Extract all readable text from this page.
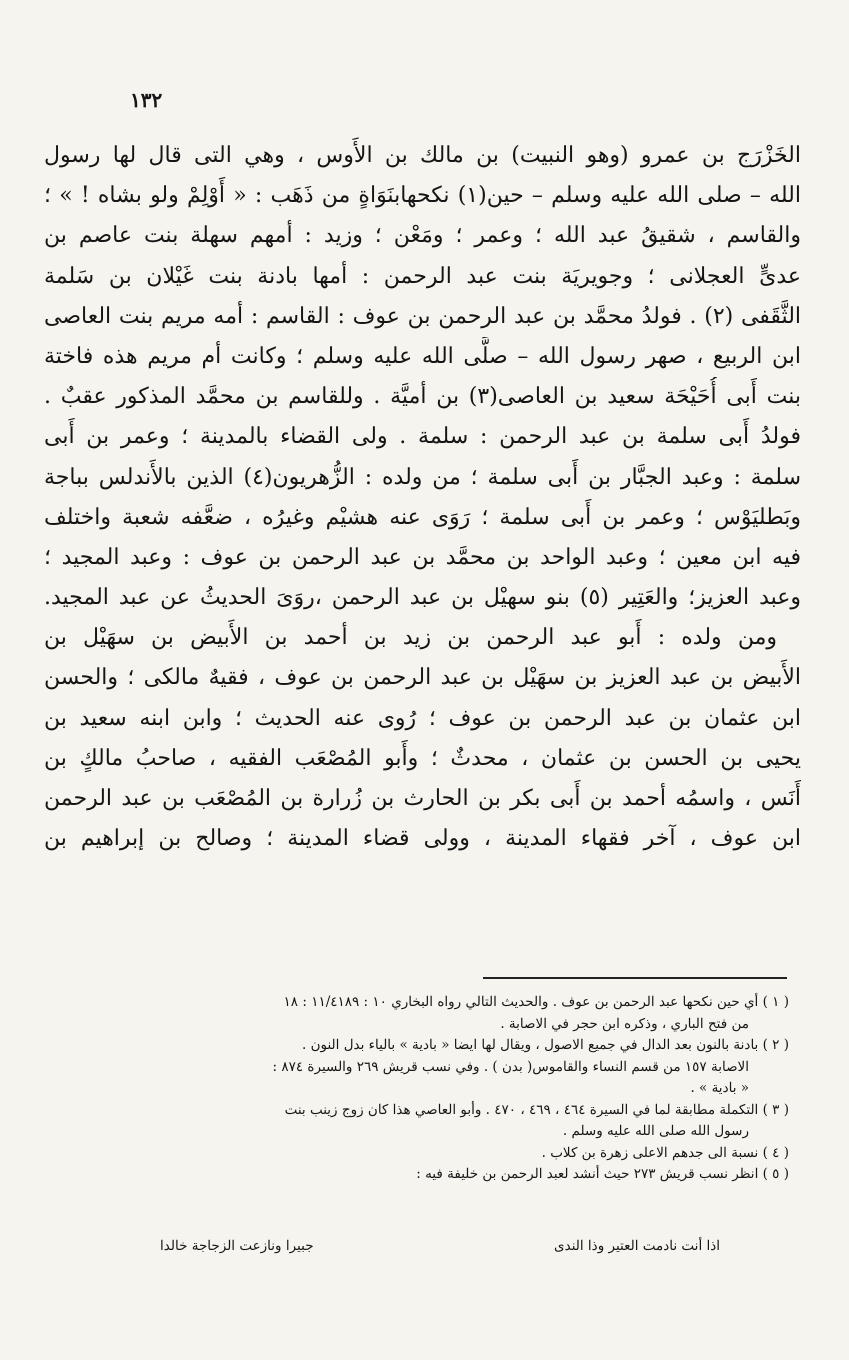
١٣٢
الخَزْرَج بن عمرو (وهو النبيت) بن مالك بن الأَوس ، وهي التى قال لها رسول
الله – صلى الله عليه وسلم – حين(١) نكحهابنَوَاةٍ من ذَهَب : « أَوْلِمْ ولو بشاه ! » ؛
والقاسم ، شقيقُ عبد الله ؛ وعمر ؛ ومَعْن ؛ وزيد : أمهم سهلة بنت عاصم بن
عدىٍّ العجلانى ؛ وجويريَة بنت عبد الرحمن : أمها بادنة بنت غَيْلان بن سَلمة
الثَّقَفى (٢) . فولدُ محمَّد بن عبد الرحمن بن عوف : القاسم : أمه مريم بنت العاصى
ابن الربيع ، صهر رسول الله – صلَّى الله عليه وسلم ؛ وكانت أم مريم هذه فاختة
بنت أَبى أُحَيْحَة سعيد بن العاصى(٣) بن أميَّة . وللقاسم بن محمَّد المذكور عقبٌ .
فولدُ أَبى سلمة بن عبد الرحمن : سلمة . ولى القضاء بالمدينة ؛ وعمر بن أَبى
سلمة : وعبد الجبَّار بن أَبى سلمة ؛ من ولده : الزُّهريون(٤) الذين بالأَندلس بباجة
وبَطليَوْس ؛ وعمر بن أَبى سلمة ؛ رَوَى عنه هشيْم وغيرُه ، ضعَّفه شعبة واختلف
فيه ابن معين ؛ وعبد الواحد بن محمَّد بن عبد الرحمن بن عوف : وعبد المجيد ؛
وعبد العزيز؛ والعَتِير (٥) بنو سهيْل بن عبد الرحمن ،روَىَ الحديثُ عن عبد المجيد.
ومن ولده : أَبو عبد الرحمن بن زيد بن أحمد بن الأَبيض بن سهَيْل بن
الأَبيض بن عبد العزيز بن سهَيْل بن عبد الرحمن بن عوف ، فقيهٌ مالكى ؛ والحسن
ابن عثمان بن عبد الرحمن بن عوف ؛ رُوى عنه الحديث ؛ وابن ابنه سعيد بن
يحيى بن الحسن بن عثمان ، محدثٌ ؛ وأَبو المُصْعَب الفقيه ، صاحبُ مالكٍ بن
أَنَس ، واسمُه أحمد بن أَبى بكر بن الحارث بن زُرارة بن المُصْعَب بن عبد الرحمن
ابن عوف ، آخر فقهاء المدينة ، وولى قضاء المدينة ؛ وصالح بن إبراهيم بن
( ١ ) أي حين نكحها عبد الرحمن بن عوف . والحديث التالي رواه البخاري ١٠ : ١١/٤١٨٩ : ١٨
من فتح الباري ، وذكره ابن حجر في الاصابة .
( ٢ ) بادنة بالنون بعد الدال في جميع الاصول ، ويقال لها ايضا « بادية » بالياء بدل النون .
الاصابة ١٥٧ من قسم النساء والقاموس( بدن ) . وفي نسب قريش ٢٦٩ والسيرة ٨٧٤ :
« بادية » .
( ٣ ) التكملة مطابقة لما في السيرة ٤٦٤ ، ٤٦٩ ، ٤٧٠ . وأبو العاصي هذا كان زوج زينب بنت
رسول الله صلى الله عليه وسلم .
( ٤ ) نسبة الى جدهم الاعلى زهرة بن كلاب .
( ٥ ) انظر نسب قريش ٢٧٣ حيث أنشد لعبد الرحمن بن خليفة فيه :
اذا أنت نادمت العتير وذا الندى
جبيرا ونازعت الزجاجة خالدا
